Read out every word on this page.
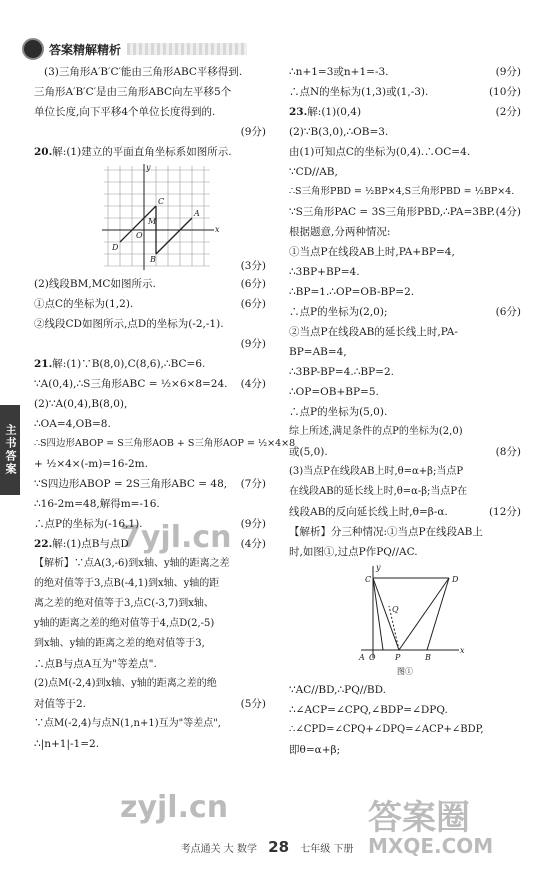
答案精解精析
主书答案
(3)三角形A′B′C′能由三角形ABC平移得到.
三角形A′B′C′是由三角形ABC向左平移5个
单位长度,向下平移4个单位长度得到的.
(9分)
20.解:(1)建立的平面直角坐标系如图所示.
C
A
M
D
B
O
x
y
(3分)
(2)线段BM,MC如图所示.	(6分)
①点C的坐标为(1,2).	(6分)
②线段CD如图所示,点D的坐标为(-2,-1).
(9分)
21.解:(1)∵B(8,0),C(8,6),∴BC=6.
∵A(0,4),∴S三角形ABC = ½×6×8=24. (4分)
(2)∵A(0,4),B(8,0),
∴OA=4,OB=8.
∴S四边形ABOP = S三角形AOB + S三角形AOP = ½×4×8
+ ½×4×(-m)=16-2m.
∵S四边形ABOP = 2S三角形ABC = 48, (7分)
∴16-2m=48,解得m=-16.
∴点P的坐标为(-16,1).	(9分)
22.解:(1)点B与点D	(4分)
【解析】∵点A(3,-6)到x轴、y轴的距离之差
的绝对值等于3,点B(-4,1)到x轴、y轴的距
离之差的绝对值等于3,点C(-3,7)到x轴、
y轴的距离之差的绝对值等于4,点D(2,-5)
到x轴、y轴的距离之差的绝对值等于3,
∴点B与点A互为"等差点".
(2)点M(-2,4)到x轴、y轴的距离之差的绝
对值等于2.	(5分)
∵点M(-2,4)与点N(1,n+1)互为"等差点",
∴|n+1|-1=2.
∴n+1=3或n+1=-3.	(9分)
∴点N的坐标为(1,3)或(1,-3).	(10分)
23.解:(1)(0,4)	(2分)
(2)∵B(3,0),∴OB=3.
由(1)可知点C的坐标为(0,4).∴OC=4.
∵CD//AB,
∴S三角形PBD = ½BP×4,S三角形PBD = ½BP×4.
∵S三角形PAC = 3S三角形PBD,∴PA=3BP. (4分)
根据题意,分两种情况:
①当点P在线段AB上时,PA+BP=4,
∴3BP+BP=4.
∴BP=1.∴OP=OB-BP=2.
∴点P的坐标为(2,0);	(6分)
②当点P在线段AB的延长线上时,PA-
BP=AB=4,
∴3BP-BP=4.∴BP=2.
∴OP=OB+BP=5.
∴点P的坐标为(5,0).
综上所述,满足条件的点P的坐标为(2,0)
或(5,0).	(8分)
(3)当点P在线段AB上时,θ=α+β;当点P
在线段AB的延长线上时,θ=α-β;当点P在
线段AB的反向延长线上时,θ=β-α.	(12分)
【解析】分三种情况:①当点P在线段AB上
时,如图①,过点P作PQ//AC.
C	D
Q
A O P	B
x
y
图①
∵AC//BD,∴PQ//BD.
∴∠ACP=∠CPQ,∠BDP=∠DPQ.
∴∠CPD=∠CPQ+∠DPQ=∠ACP+∠BDP,
即θ=α+β;
7yjl.cn
zyjl.cn	答案圈
MXQE.COM
考点通关 大 数学 28 七年级 下册
